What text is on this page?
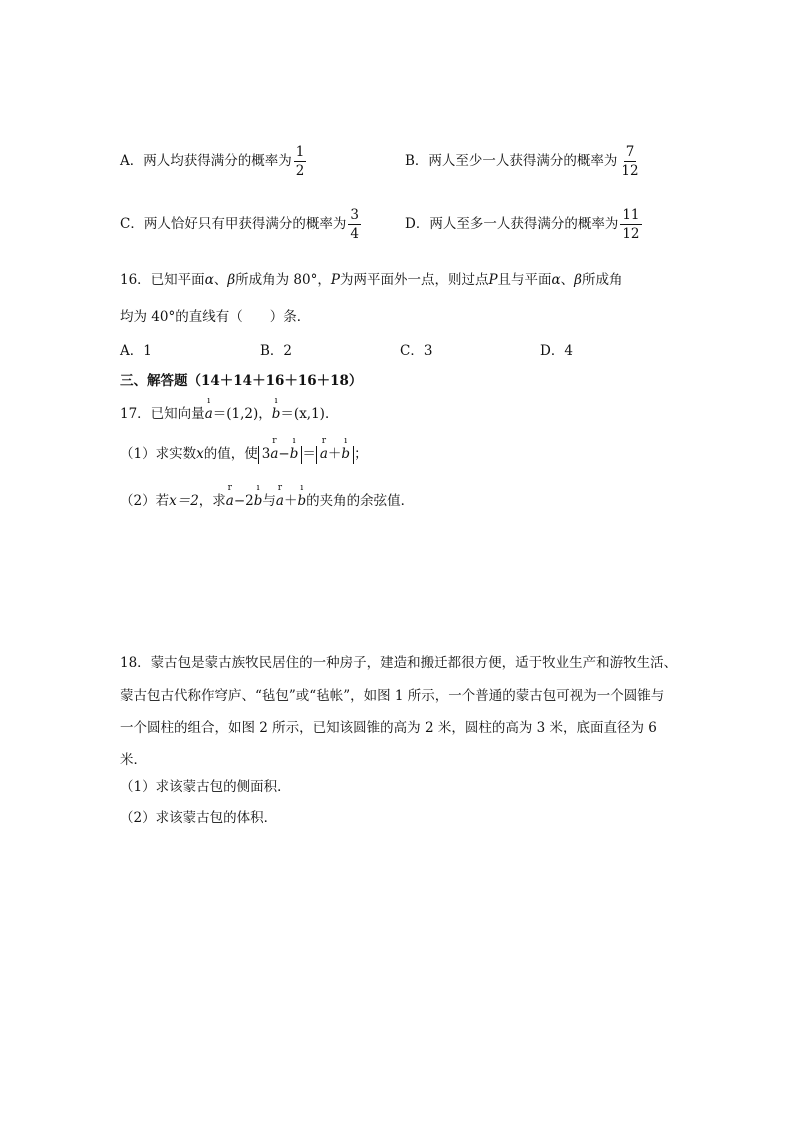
A．两人均获得满分的概率为 $\frac{1}{2}$	B．两人至少一人获得满分的概率为 $\frac{7}{12}$
C．两人恰好只有甲获得满分的概率为 $\frac{3}{4}$	D．两人至多一人获得满分的概率为 $\frac{11}{12}$
16．已知平面α、β所成角为 80°，P为两平面外一点，则过点P且与平面α、β所成角
均为 40°的直线有（　　）条．
A．1	B．2	C．3	D．4
三、解答题（14＋14＋16＋16＋18）
17．已知向量
ı
a＝(1,2)，
ı
b＝(x,1)．
（1）求实数x的值，使 3
r
a−
ı
b ＝
r
a＋
ı
b ；
（2）若x＝2，求
r
a−2
ı
b与
r
a＋
ı
b的夹角的余弦值．
18．蒙古包是蒙古族牧民居住的一种房子，建造和搬迁都很方便，适于牧业生产和游牧生活、
蒙古包古代称作穹庐、“毡包”或“毡帐”，如图 1 所示，一个普通的蒙古包可视为一个圆锥与
一个圆柱的组合，如图 2 所示，已知该圆锥的高为 2 米，圆柱的高为 3 米，底面直径为 6
米．
（1）求该蒙古包的侧面积．
（2）求该蒙古包的体积．
